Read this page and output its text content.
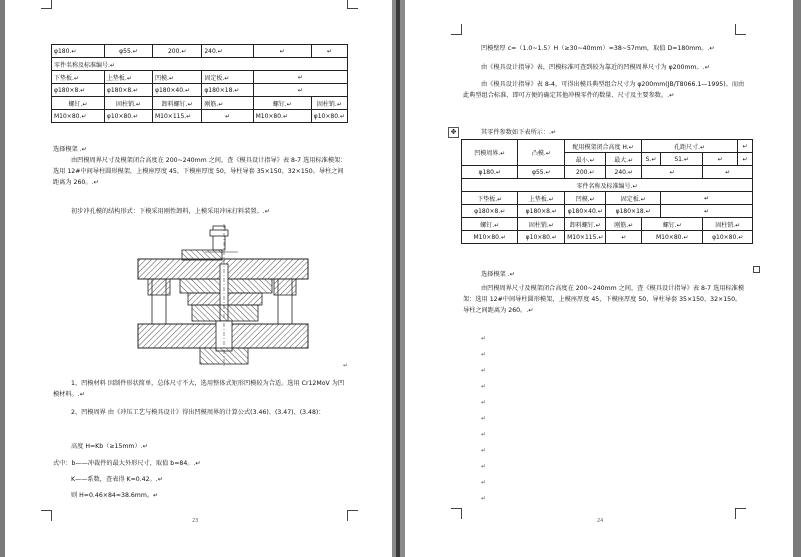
φ180.↵	φ55.↵	200.↵	240.↵	↵	↵
零件名称及标准编号.↵					
下垫板.↵	上垫板.↵	凹模.↵	固定板.↵	↵	
φ180×8.↵	φ180×8.↵	φ180×40.↵	φ180×18.↵	↵	
螺钉.↵	固柱销.↵	卸料螺钉.↵	刚筋.↵	螺钉.↵	固柱销.↵
M10×80.↵	φ10×80.↵	M10×115.↵	↵	M10×80.↵	φ10×80.↵
选择模架 .↵
由凹模周界尺寸及模架闭合高度在 200~240mm 之间，查《模具设计指导》表 8-7 选用标准模架：选用 12#中间导柱圆形模架，上模座厚度 45，下模座厚度 50，导柱导套 35×150、32×150。导柱之间距离为 260。.↵
初步冲孔模的结构形式：下模采用刚性卸料，上模采用冲床打料装置。.↵
↵
1、凹模材料 因制件形状简单，总体尺寸不大，选用整体式矩形凹模较为合适。选用 Cr12MoV 为凹模材料。.↵
2、凹模周界 由《冲压工艺与模具设计》得出凹模周界的计算公式(3.46)、(3.47)、(3.48)：
高度 H=Kb（≥15mm）.↵
式中：b——冲裁件的最大外形尺寸，取值 b=84。.↵
K——系数，查表得 K=0.42。.↵
则 H=0.46×84≈38.6mm。↵
23
凹模壁厚 c=（1.0~1.5）H（≥30~40mm）≈38~57mm，取值 D=180mm。.↵
由《模具设计指导》表，凹模标准可查到较为靠近的凹模周界尺寸为 φ200mm。.↵
由《模具设计指导》表 8-4，可得出模具典型组合尺寸为 φ200mm(JB/T8066.1—1995)。而由此典型组合标准，即可方便的确定其他冲模零件的数量、尺寸及主要参数。.↵
✥	其零件参数如下表所示：.↵
凹模周界.↵	凸模.↵	配用模架闭合高度 H.↵		孔距尺寸.↵			↵
		最小.↵	最大.↵	S.↵	S1.↵	↵	↵
φ180.↵	φ55.↵	200.↵	240.↵	↵		↵	
零件名称及标准编号.↵							
下垫板.↵	上垫板.↵	凹模.↵	固定板.↵		↵		
φ180×8.↵	φ180×8.↵	φ180×40.↵	φ180×18.↵		↵		
螺钉.↵	固柱销.↵	卸料螺钉.↵	刚筋.↵	螺钉.↵		固柱销.↵	
M10×80.↵	φ10×80.↵	M10×115.↵	↵	M10×80.↵		φ10×80.↵	
选择模架 .↵
由凹模周界尺寸及模架闭合高度在 200~240mm 之间，查《模具设计指导》表 8-7 选用标准模架：选用 12#中间导柱圆形模架，上模座厚度 45，下模座厚度 50，导柱导套 35×150、32×150。导柱之间距离为 260。.↵
↵
↵
↵
↵
↵
↵
↵
↵
↵
↵
↵
24
